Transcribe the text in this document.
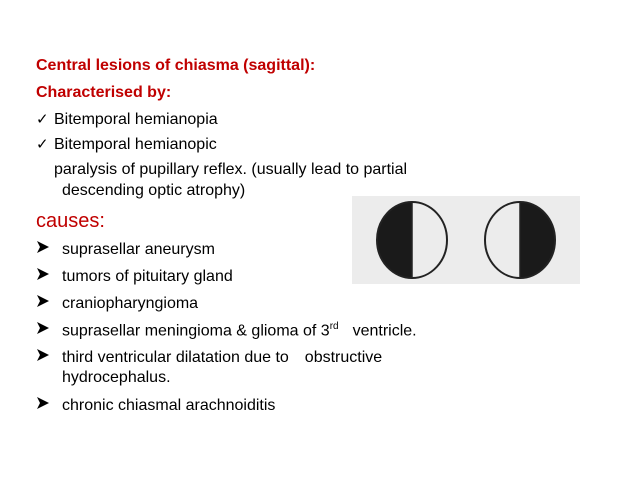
Central lesions of chiasma (sagittal):
Characterised by:
✓ Bitemporal hemianopia
✓ Bitemporal hemianopic
paralysis of pupillary reflex. (usually lead to partial
descending optic atrophy)
causes:
suprasellar aneurysm
tumors of pituitary gland
craniopharyngioma
suprasellar meningioma & glioma of 3rd ventricle.
third ventricular dilatation due to obstructive
hydrocephalus.
chronic chiasmal arachnoiditis
